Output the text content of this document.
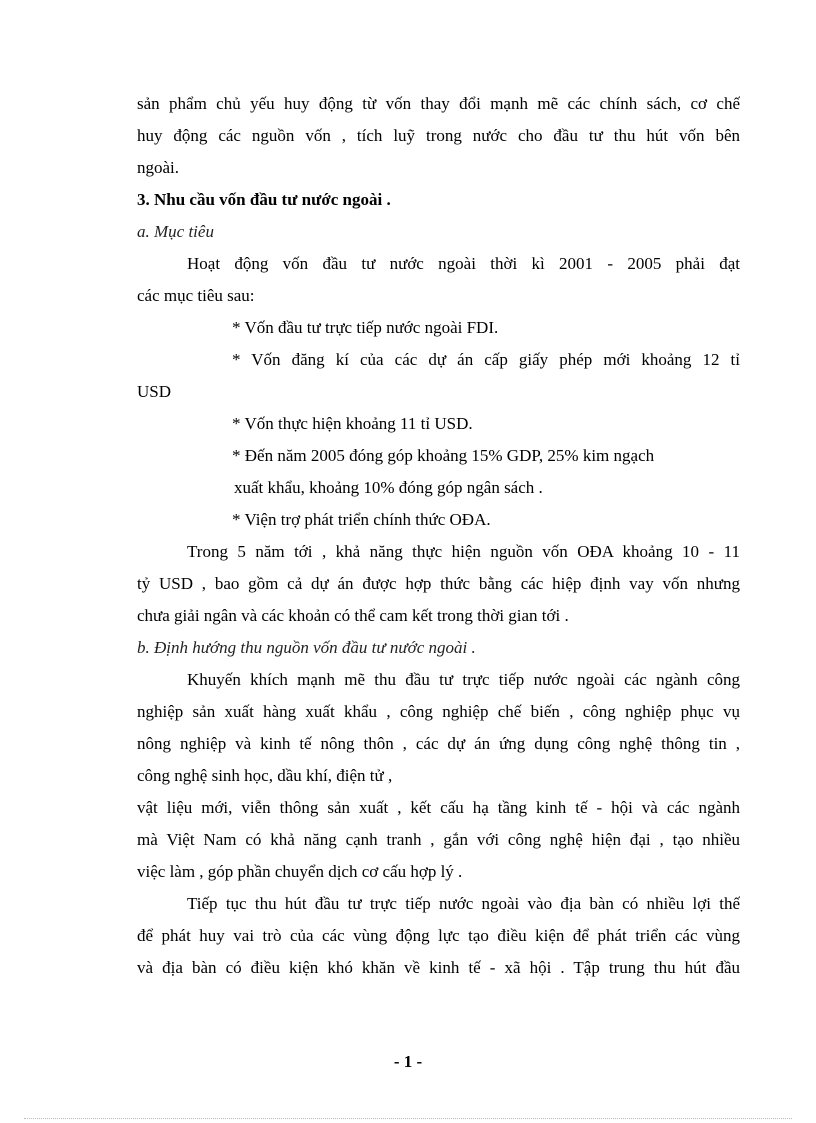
sản phẩm chủ yếu huy động từ vốn thay đổi mạnh mẽ các chính sách, cơ chế
huy động các nguồn vốn , tích luỹ trong nước cho đầu tư thu hút vốn bên
ngoài.
3. Nhu cầu vốn đầu tư nước ngoài .
a. Mục tiêu
Hoạt động vốn đầu tư nước ngoài thời kì 2001 - 2005 phải đạt
các mục tiêu sau:
* Vốn đầu tư trực tiếp nước ngoài FDI.
* Vốn đăng kí của các dự án cấp giấy phép mới khoảng 12 tỉ
USD
* Vốn thực hiện khoảng 11 tỉ USD.
* Đến năm 2005 đóng góp khoảng 15% GDP, 25% kim ngạch
xuất khẩu, khoảng 10% đóng góp ngân sách .
* Viện trợ phát triển chính thức OĐA.
Trong 5 năm tới , khả năng thực hiện nguồn vốn OĐA khoảng 10 - 11
tỷ USD , bao gồm cả dự án được hợp thức bằng các hiệp định vay vốn nhưng
chưa giải ngân và các khoản có thể cam kết trong thời gian tới .
b. Định hướng thu nguồn vốn đầu tư nước ngoài .
Khuyến khích mạnh mẽ thu đầu tư trực tiếp nước ngoài các ngành công
nghiệp sản xuất hàng xuất khẩu , công nghiệp chế biến , công nghiệp phục vụ
nông nghiệp và kinh tế nông thôn , các dự án ứng dụng công nghệ thông tin ,
công nghệ sinh học, dầu khí, điện tử ,
vật liệu mới, viễn thông sản xuất , kết cấu hạ tầng kinh tế - hội và các ngành
mà Việt Nam có khả năng cạnh tranh , gắn với công nghệ hiện đại , tạo nhiều
việc làm , góp phần chuyển dịch cơ cấu hợp lý .
Tiếp tục thu hút đầu tư trực tiếp nước ngoài vào địa bàn có nhiều lợi thế
để phát huy vai trò của các vùng động lực tạo điều kiện để phát triển các vùng
và địa bàn có điều kiện khó khăn về kinh tế - xã hội . Tập trung thu hút đầu
- 1 -
